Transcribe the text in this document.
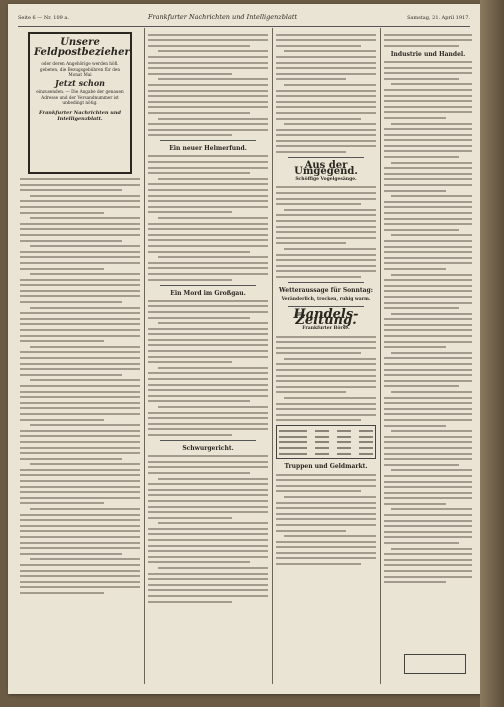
Seite 6 — Nr. 109 a.	Frankfurter Nachrichten und Intelligenzblatt	Samstag, 21. April 1917.
Unsere
Feldpostbezieher
oder deren Angehörige werden höfl. gebeten, die Bezugsgebühren für den Monat Mai
Jetzt schon
einzusenden. — Die Angabe der genauen Adresse und der Versandnummer ist unbedingt nötig.
Frankfurter Nachrichten und Intelligenzblatt.
Ein neuer Helmerfund.
Ein Mord im Großgau.
Schwurgericht.
Aus der Umgegend.
Schöffige Vogelgesänge.
Wetteraussage für Sonntag:
Veränderlich, trocken, ruhig warm.
Handels-Zeitung.
Frankfurter Börse.
Truppen und Geldmarkt.
Industrie und Handel.
